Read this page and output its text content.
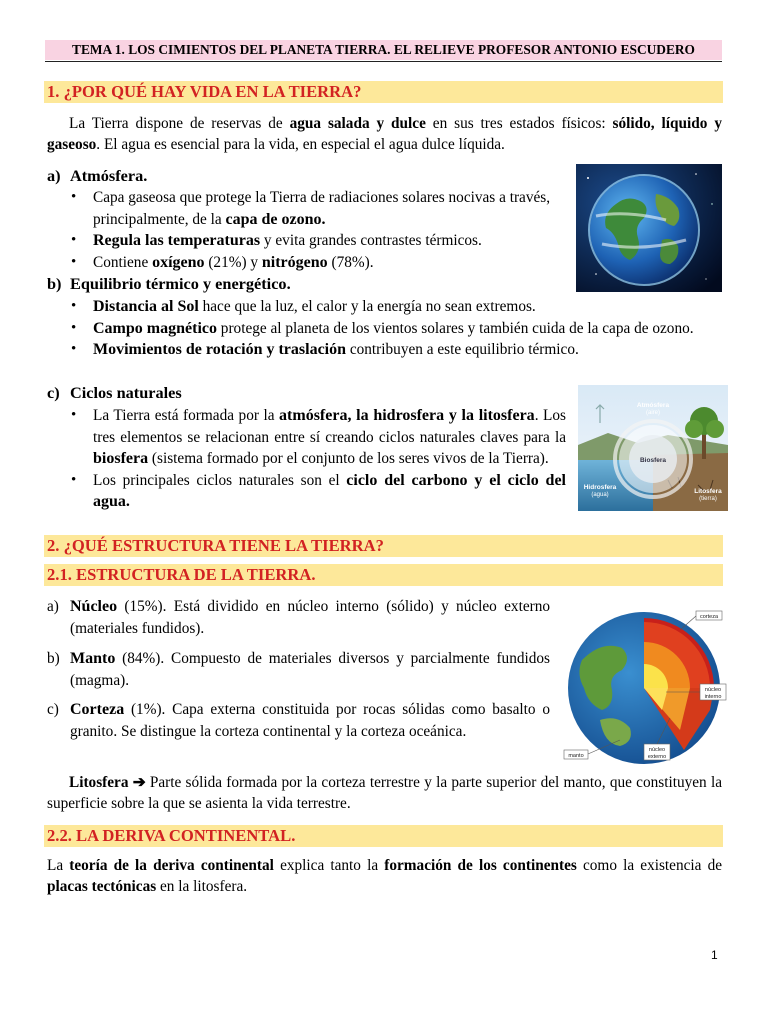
TEMA 1. LOS CIMIENTOS DEL PLANETA TIERRA. EL RELIEVE PROFESOR ANTONIO ESCUDERO
1. ¿POR QUÉ HAY VIDA EN LA TIERRA?

La Tierra dispone de reservas de agua salada y dulce en sus tres estados físicos: sólido, líquido y gaseoso. El agua es esencial para la vida, en especial el agua dulce líquida.

a) Atmósfera.
• Capa gaseosa que protege la Tierra de radiaciones solares nocivas a través, principalmente, de la capa de ozono.
• Regula las temperaturas y evita grandes contrastes térmicos.
• Contiene oxígeno (21%) y nitrógeno (78%).
b) Equilibrio térmico y energético.
• Distancia al Sol hace que la luz, el calor y la energía no sean extremos.
• Campo magnético protege al planeta de los vientos solares y también cuida de la capa de ozono.
• Movimientos de rotación y traslación contribuyen a este equilibrio térmico.
c) Ciclos naturales
• La Tierra está formada por la atmósfera, la hidrosfera y la litosfera. Los tres elementos se relacionan entre sí creando ciclos naturales claves para la biosfera (sistema formado por el conjunto de los seres vivos de la Tierra).
• Los principales ciclos naturales son el ciclo del carbono y el ciclo del agua.
Atmósfera
(aire)
Biosfera
Hidrosfera
(agua)	Litosfera
(tierra)
2. ¿QUÉ ESTRUCTURA TIENE LA TIERRA?
2.1. ESTRUCTURA DE LA TIERRA.
a) Núcleo (15%). Está dividido en núcleo interno (sólido) y núcleo externo (materiales fundidos).

b) Manto (84%). Compuesto de materiales diversos y parcialmente fundidos (magma).

c) Corteza (1%). Capa externa constituida por rocas sólidas como basalto o granito. Se distingue la corteza continental y la corteza oceánica.

corteza
manto
núcleo
interno
núcleo
externo

Litosfera ➔ Parte sólida formada por la corteza terrestre y la parte superior del manto, que constituyen la superficie sobre la que se asienta la vida terrestre.

2.2. LA DERIVA CONTINENTAL.

La teoría de la deriva continental explica tanto la formación de los continentes como la existencia de placas tectónicas en la litosfera.

1
